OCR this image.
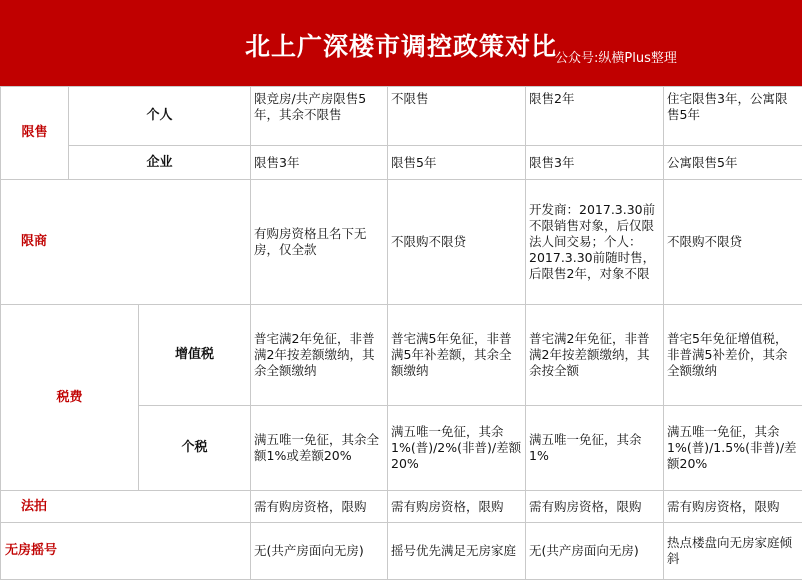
北上广深楼市调控政策对比
公众号:纵横Plus整理
限售	个人		限竞房/共产房限售5年，其余不限售	不限售	限售2年	住宅限售3年，公寓限售5年
	企业		限售3年	限售5年	限售3年	公寓限售5年
限商			有购房资格且名下无房，仅全款	不限购不限贷	开发商：2017.3.30前不限销售对象，后仅限法人间交易；个人：2017.3.30前随时售，后限售2年，对象不限	不限购不限贷
税费		增值税	普宅满2年免征，非普满2年按差额缴纳，其余全额缴纳	普宅满5年免征，非普满5年补差额，其余全额缴纳	普宅满2年免征，非普满2年按差额缴纳，其余按全额	普宅5年免征增值税，非普满5补差价，其余全额缴纳
		个税	满五唯一免征，其余全额1%或差额20%	满五唯一免征，其余1%(普)/2%(非普)/差额20%	满五唯一免征，其余1%	满五唯一免征，其余1%(普)/1.5%(非普)/差额20%
法拍			需有购房资格，限购	需有购房资格，限购	需有购房资格，限购	需有购房资格，限购
无房摇号			无(共产房面向无房)	摇号优先满足无房家庭	无(共产房面向无房)	热点楼盘向无房家庭倾斜
